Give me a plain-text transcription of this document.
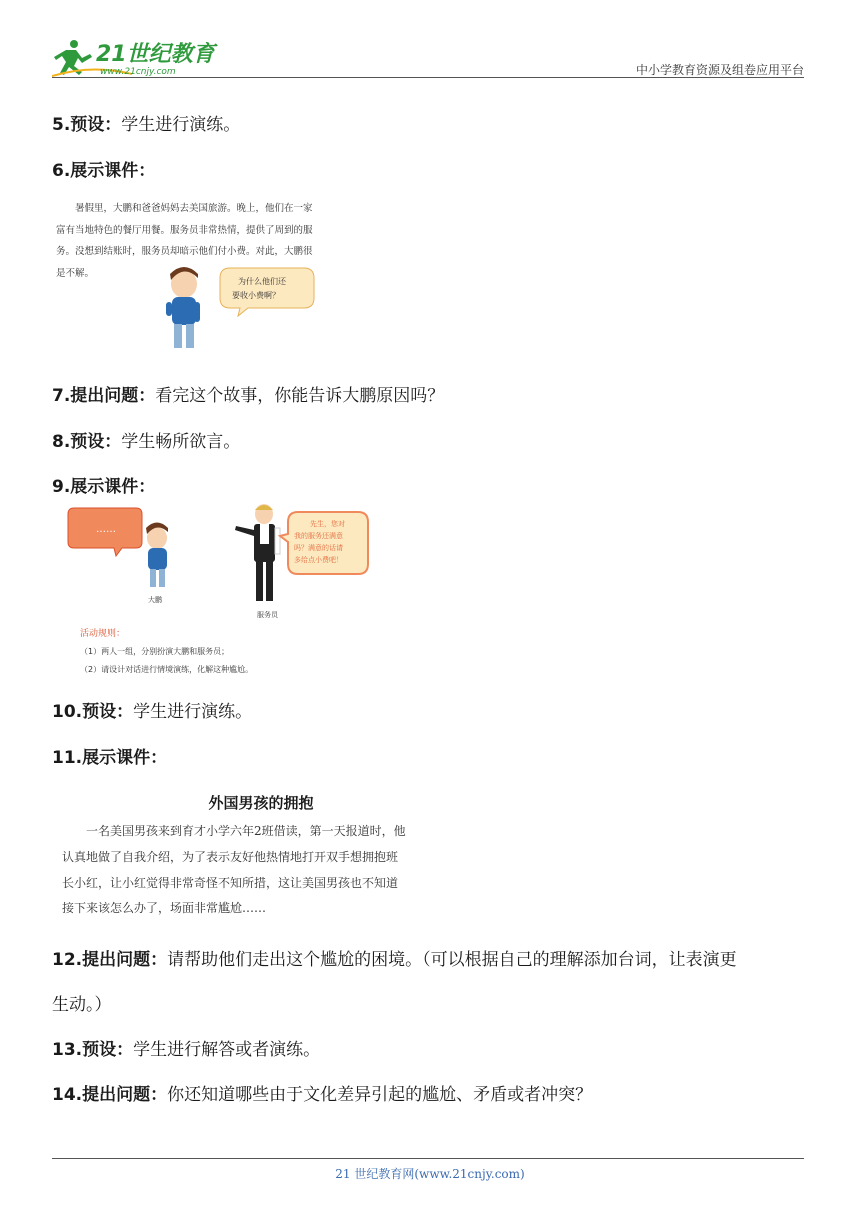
21世纪教育
www.21cnjy.com	中小学教育资源及组卷应用平台
5.预设：学生进行演练。
6.展示课件：
　　暑假里，大鹏和爸爸妈妈去美国旅游。晚上，他们在一家
富有当地特色的餐厅用餐。服务员非常热情，提供了周到的服
务。没想到结账时，服务员却暗示他们付小费。对此，大鹏很
是不解。
为什么他们还
要收小费啊？
7.提出问题：看完这个故事，你能告诉大鹏原因吗？
8.预设：学生畅所欲言。
9.展示课件：
……
大鹏
服务员
先生，您对
我的服务还满意
吗？满意的话请
多给点小费吧！
活动规则：
（1）两人一组，分别扮演大鹏和服务员；
（2）请设计对话进行情境演练，化解这种尴尬。
10.预设：学生进行演练。
11.展示课件：
外国男孩的拥抱
　　一名美国男孩来到育才小学六年2班借读，第一天报道时，他
认真地做了自我介绍，为了表示友好他热情地打开双手想拥抱班
长小红，让小红觉得非常奇怪不知所措，这让美国男孩也不知道
接下来该怎么办了，场面非常尴尬……
12.提出问题：请帮助他们走出这个尴尬的困境。（可以根据自己的理解添加台词，让表演更
生动。）
13.预设：学生进行解答或者演练。
14.提出问题：你还知道哪些由于文化差异引起的尴尬、矛盾或者冲突？
21 世纪教育网(www.21cnjy.com)
